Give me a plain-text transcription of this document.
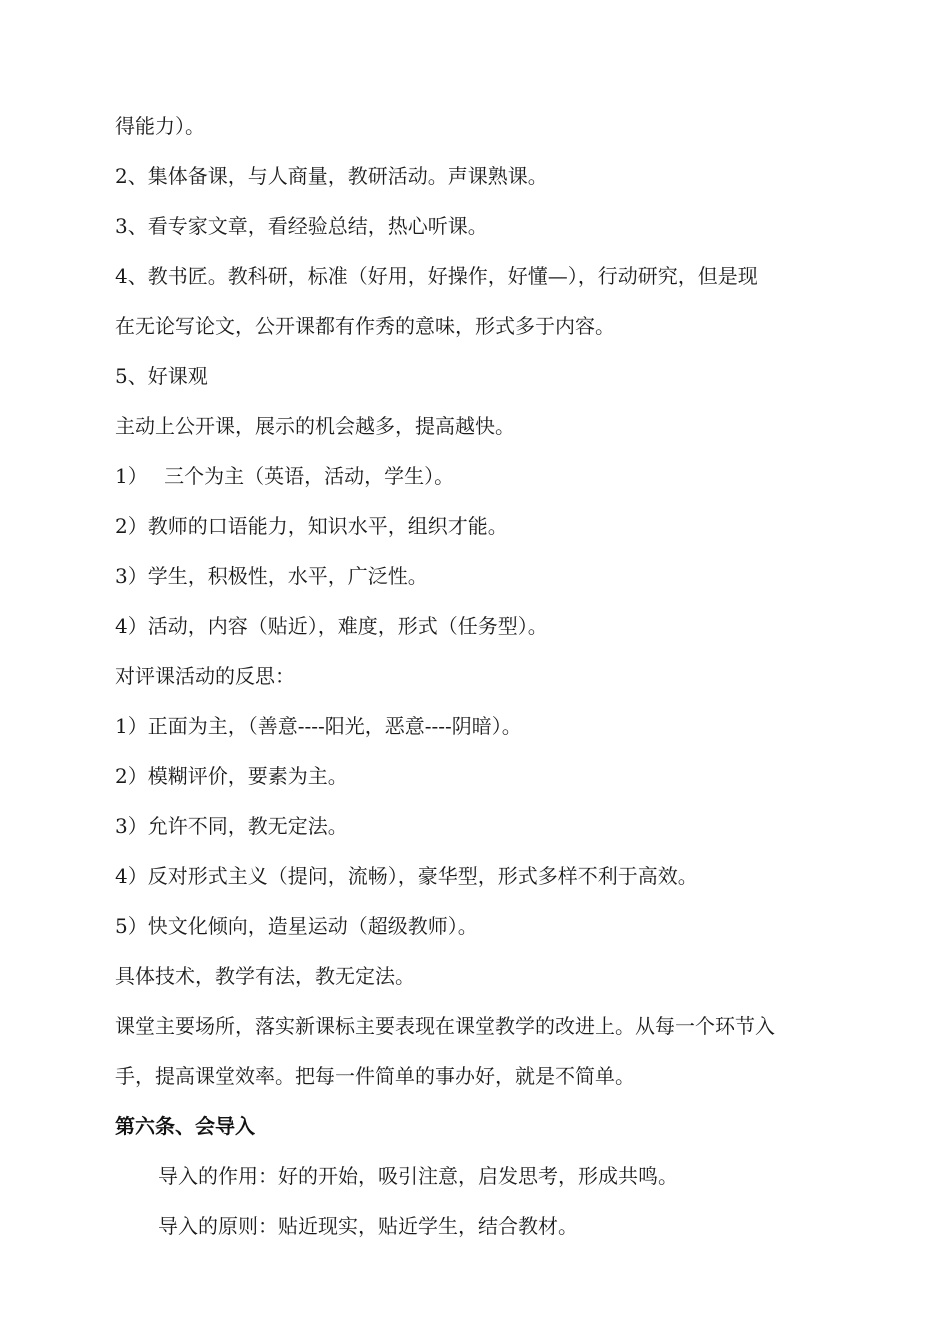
得能力）。
2、集体备课，与人商量，教研活动。声课熟课。
3、看专家文章，看经验总结，热心听课。
4、教书匠。教科研，标准（好用，好操作，好懂—），行动研究，但是现
在无论写论文，公开课都有作秀的意味，形式多于内容。
5、好课观
主动上公开课，展示的机会越多，提高越快。
1）　 三个为主（英语，活动，学生）。
2）教师的口语能力，知识水平，组织才能。
3）学生，积极性，水平，广泛性。
4）活动，内容（贴近），难度，形式（任务型）。
对评课活动的反思：
1）正面为主，（善意----阳光，恶意----阴暗）。
2）模糊评价，要素为主。
3）允许不同，教无定法。
4）反对形式主义（提问，流畅），豪华型，形式多样不利于高效。
5）快文化倾向，造星运动（超级教师）。
具体技术，教学有法，教无定法。
课堂主要场所，落实新课标主要表现在课堂教学的改进上。从每一个环节入
手，提高课堂效率。把每一件简单的事办好，就是不简单。
第六条、会导入
导入的作用：好的开始，吸引注意，启发思考，形成共鸣。
导入的原则：贴近现实，贴近学生，结合教材。
